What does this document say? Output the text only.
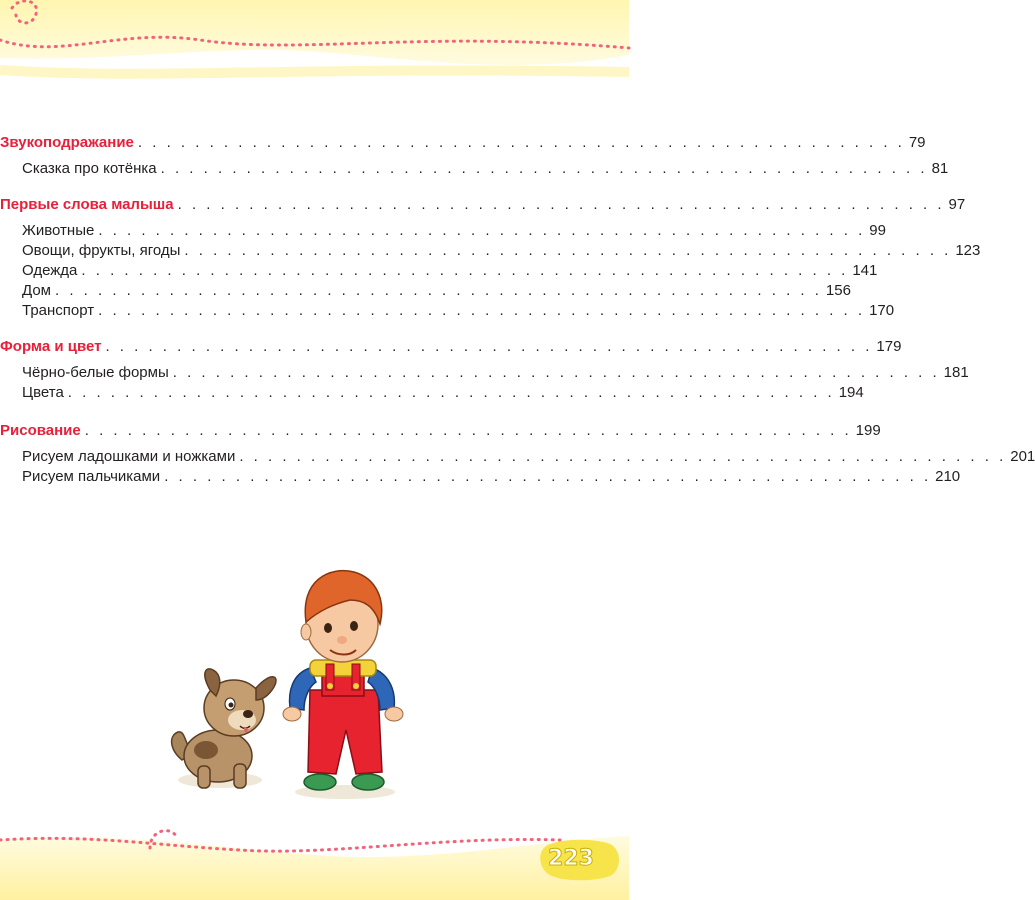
Звукоподражание . . . . . . . . . . . . . . . . . . . . . . . . . . . . . . . . . . . . . . . . . . . . . . . . . . . . . . 79
Сказка про котёнка . . . . . . . . . . . . . . . . . . . . . . . . . . . . . . . . . . . . . . . . . . . . . . . . . . . . . . 81
Первые слова малыша . . . . . . . . . . . . . . . . . . . . . . . . . . . . . . . . . . . . . . . . . . . . . . . . . . . . . . 97
Животные . . . . . . . . . . . . . . . . . . . . . . . . . . . . . . . . . . . . . . . . . . . . . . . . . . . . . . 99
Овощи, фрукты, ягоды . . . . . . . . . . . . . . . . . . . . . . . . . . . . . . . . . . . . . . . . . . . . . . . . . . . . . . 123
Одежда . . . . . . . . . . . . . . . . . . . . . . . . . . . . . . . . . . . . . . . . . . . . . . . . . . . . . . 141
Дом . . . . . . . . . . . . . . . . . . . . . . . . . . . . . . . . . . . . . . . . . . . . . . . . . . . . . . 156
Транспорт . . . . . . . . . . . . . . . . . . . . . . . . . . . . . . . . . . . . . . . . . . . . . . . . . . . . . . 170
Форма и цвет . . . . . . . . . . . . . . . . . . . . . . . . . . . . . . . . . . . . . . . . . . . . . . . . . . . . . . 179
Чёрно-белые формы . . . . . . . . . . . . . . . . . . . . . . . . . . . . . . . . . . . . . . . . . . . . . . . . . . . . . . 181
Цвета . . . . . . . . . . . . . . . . . . . . . . . . . . . . . . . . . . . . . . . . . . . . . . . . . . . . . . 194
Рисование . . . . . . . . . . . . . . . . . . . . . . . . . . . . . . . . . . . . . . . . . . . . . . . . . . . . . . 199
Рисуем ладошками и ножками . . . . . . . . . . . . . . . . . . . . . . . . . . . . . . . . . . . . . . . . . . . . . . . . . . . . . . 201
Рисуем пальчиками . . . . . . . . . . . . . . . . . . . . . . . . . . . . . . . . . . . . . . . . . . . . . . . . . . . . . . 210
223
